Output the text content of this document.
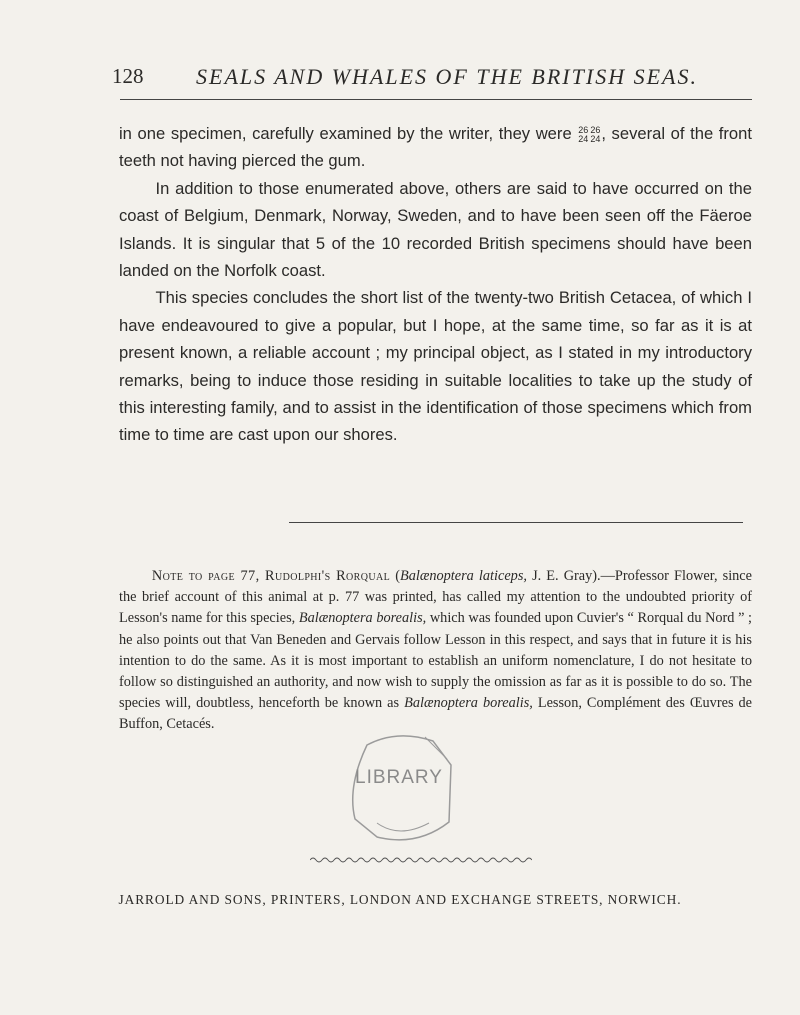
128 SEALS AND WHALES OF THE BRITISH SEAS.

in one specimen, carefully examined by the writer, they were 26
24
26
24 , several of the front teeth not having pierced the gum.

In addition to those enumerated above, others are said to have occurred on the coast of Belgium, Denmark, Norway, Sweden, and to have been seen off the Fäeroe Islands. It is singular that 5 of the 10 recorded British specimens should have been landed on the Norfolk coast.

This species concludes the short list of the twenty-two British Cetacea, of which I have endeavoured to give a popular, but I hope, at the same time, so far as it is at present known, a reliable account ; my principal object, as I stated in my introductory remarks, being to induce those residing in suitable localities to take up the study of this interesting family, and to assist in the identification of those specimens which from time to time are cast upon our shores.

Note to page 77, Rudolphi's Rorqual (Balænoptera laticeps, J. E. Gray).—Professor Flower, since the brief account of this animal at p. 77 was printed, has called my attention to the undoubted priority of Lesson's name for this species, Balænoptera borealis, which was founded upon Cuvier's “ Rorqual du Nord ” ; he also points out that Van Beneden and Gervais follow Lesson in this respect, and says that in future it is his intention to do the same. As it is most important to establish an uniform nomenclature, I do not hesitate to follow so distinguished an authority, and now wish to supply the omission as far as it is possible to do so. The species will, doubtless, henceforth be known as Balænoptera borealis, Lesson, Complément des Œuvres de Buffon, Cetacés.

LIBRARY
JARROLD AND SONS, PRINTERS, LONDON AND EXCHANGE STREETS, NORWICH.
